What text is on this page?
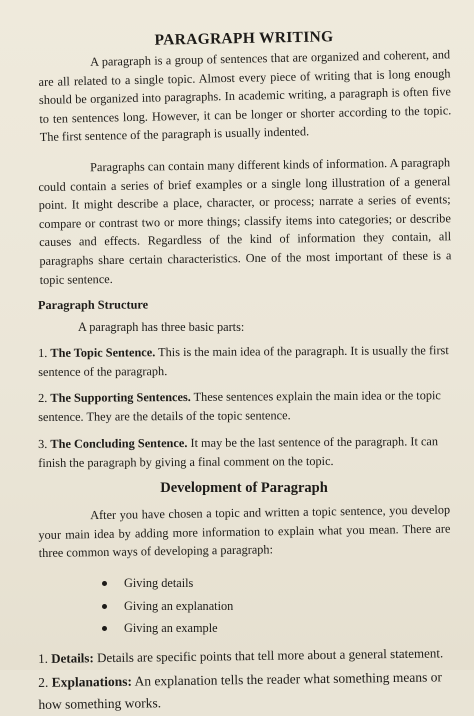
PARAGRAPH WRITING

A paragraph is a group of sentences that are organized and coherent, and are all related to a single topic. Almost every piece of writing that is long enough should be organized into paragraphs. In academic writing, a paragraph is often five to ten sentences long. However, it can be longer or shorter according to the topic. The first sentence of the paragraph is usually indented.

Paragraphs can contain many different kinds of information. A paragraph could contain a series of brief examples or a single long illustration of a general point. It might describe a place, character, or process; narrate a series of events; compare or contrast two or more things; classify items into categories; or describe causes and effects. Regardless of the kind of information they contain, all paragraphs share certain characteristics. One of the most important of these is a topic sentence.

Paragraph Structure
A paragraph has three basic parts:
1. The Topic Sentence. This is the main idea of the paragraph. It is usually the first sentence of the paragraph.
2. The Supporting Sentences. These sentences explain the main idea or the topic sentence. They are the details of the topic sentence.
3. The Concluding Sentence. It may be the last sentence of the paragraph. It can finish the paragraph by giving a final comment on the topic.
Development of Paragraph

After you have chosen a topic and written a topic sentence, you develop your main idea by adding more information to explain what you mean. There are three common ways of developing a paragraph:

Giving details
Giving an explanation
Giving an example
1. Details: Details are specific points that tell more about a general statement.
2. Explanations: An explanation tells the reader what something means or how something works.
